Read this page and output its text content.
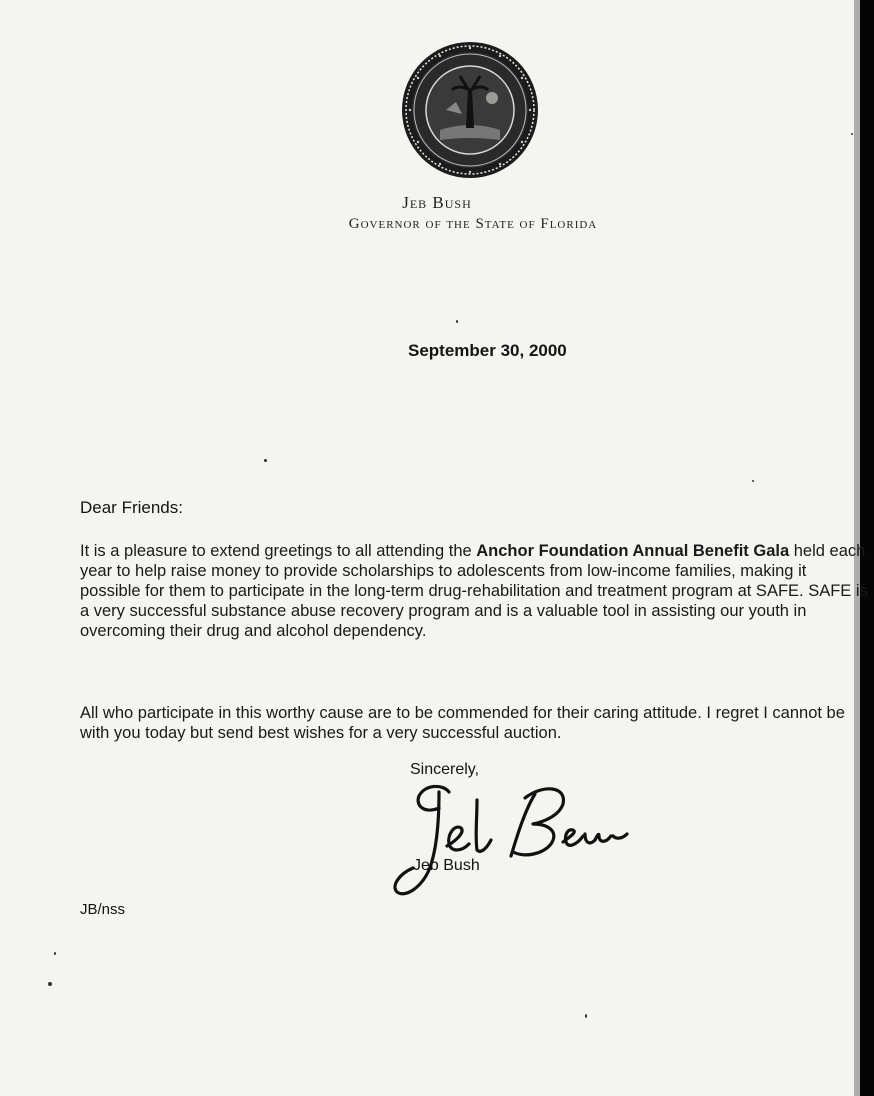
Jeb Bush
Governor of the State of Florida
September 30, 2000
Dear Friends:

It is a pleasure to extend greetings to all attending the Anchor Foundation Annual Benefit Gala held each year to help raise money to provide scholarships to adolescents from low-income families, making it possible for them to participate in the long-term drug-rehabilitation and treatment program at SAFE. SAFE is a very successful substance abuse recovery program and is a valuable tool in assisting our youth in overcoming their drug and alcohol dependency.

All who participate in this worthy cause are to be commended for their caring attitude. I regret I cannot be with you today but send best wishes for a very successful auction.

Sincerely,
Jeb Bush
JB/nss
